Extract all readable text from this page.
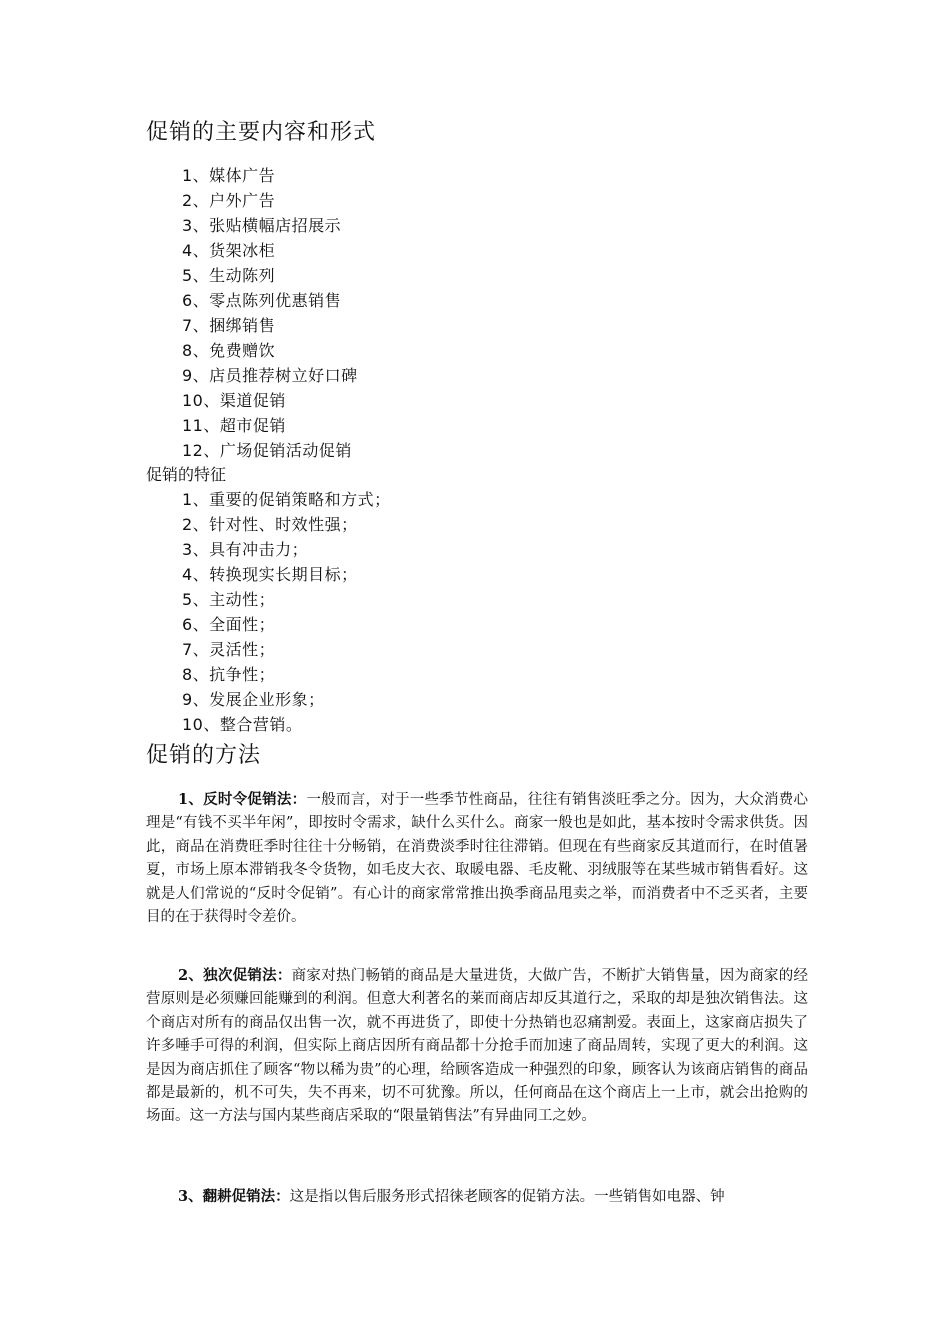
促销的主要内容和形式
1、媒体广告
2、户外广告
3、张贴横幅店招展示
4、货架冰柜
5、生动陈列
6、零点陈列优惠销售
7、捆绑销售
8、免费赠饮
9、店员推荐树立好口碑
10、渠道促销
11、超市促销
12、广场促销活动促销
促销的特征
1、重要的促销策略和方式；
2、针对性、时效性强；
3、具有冲击力；
4、转换现实长期目标；
5、主动性；
6、全面性；
7、灵活性；
8、抗争性；
9、发展企业形象；
10、整合营销。
促销的方法

1、反时令促销法：一般而言，对于一些季节性商品，往往有销售淡旺季之分。因为，大众消费心理是“有钱不买半年闲”，即按时令需求，缺什么买什么。商家一般也是如此，基本按时令需求供货。因此，商品在消费旺季时往往十分畅销，在消费淡季时往往滞销。但现在有些商家反其道而行，在时值暑夏，市场上原本滞销我冬令货物，如毛皮大衣、取暖电器、毛皮靴、羽绒服等在某些城市销售看好。这就是人们常说的“反时令促销”。有心计的商家常常推出换季商品甩卖之举，而消费者中不乏买者，主要目的在于获得时令差价。

2、独次促销法：商家对热门畅销的商品是大量进货，大做广告，不断扩大销售量，因为商家的经营原则是必须赚回能赚到的利润。但意大利著名的莱而商店却反其道行之，采取的却是独次销售法。这个商店对所有的商品仅出售一次，就不再进货了，即使十分热销也忍痛割爱。表面上，这家商店损失了许多唾手可得的利润，但实际上商店因所有商品都十分抢手而加速了商品周转，实现了更大的利润。这是因为商店抓住了顾客“物以稀为贵”的心理，给顾客造成一种强烈的印象，顾客认为该商店销售的商品都是最新的，机不可失，失不再来，切不可犹豫。所以，任何商品在这个商店上一上市，就会出抢购的场面。这一方法与国内某些商店采取的“限量销售法”有异曲同工之妙。

3、翻耕促销法：这是指以售后服务形式招徕老顾客的促销方法。一些销售如电器、钟
